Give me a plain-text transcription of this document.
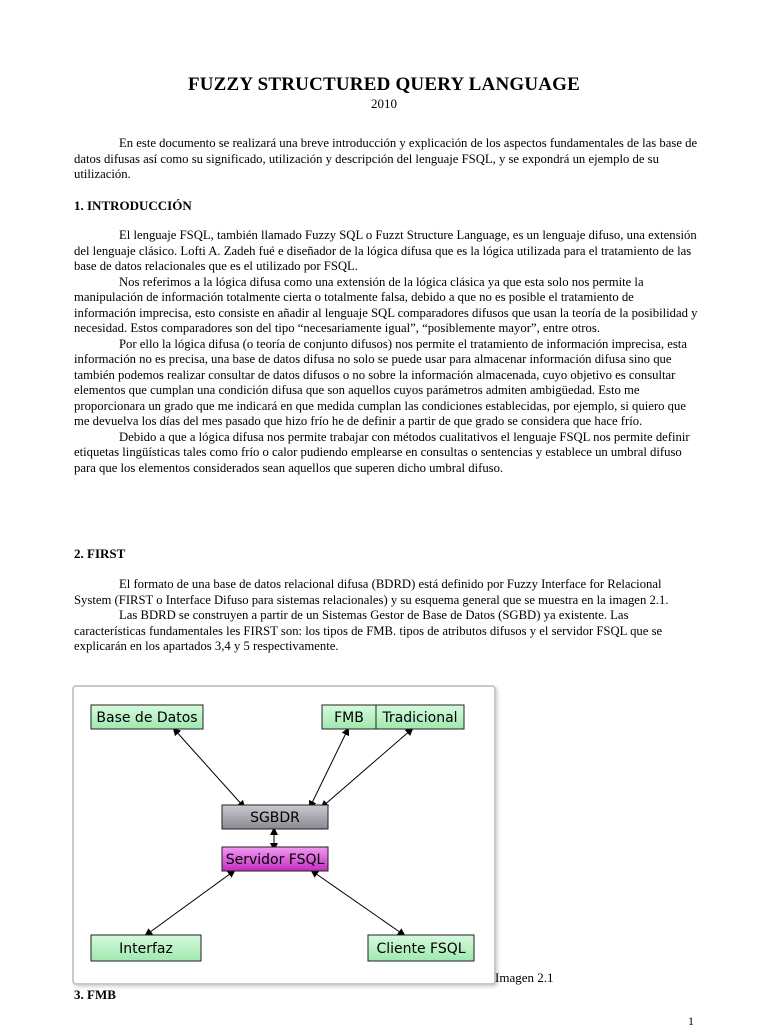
FUZZY STRUCTURED QUERY LANGUAGE
2010

En este documento se realizará una breve introducción y explicación de los aspectos fundamentales de las base de datos difusas así como su significado, utilización y descripción del lenguaje FSQL, y se expondrá un ejemplo de su utilización.

1. INTRODUCCIÓN

El lenguaje FSQL, también llamado Fuzzy SQL o Fuzzt Structure Language, es un lenguaje difuso, una extensión del lenguaje clásico. Lofti A. Zadeh fué e diseñador de la lógica difusa que es la lógica utilizada para el tratamiento de las base de datos relacionales que es el utilizado por FSQL.

Nos referimos a la lógica difusa como una extensión de la lógica clásica ya que esta solo nos permite la manipulación de información totalmente cierta o totalmente falsa, debido a que no es posible el tratamiento de información imprecisa, esto consiste en añadir al lenguaje SQL comparadores difusos que usan la teoría de la posibilidad y necesidad. Estos comparadores son del tipo “necesariamente igual”, “posiblemente mayor”, entre otros.

Por ello la lógica difusa (o teoría de conjunto difusos) nos permite el tratamiento de información imprecisa, esta información no es precisa, una base de datos difusa no solo se puede usar para almacenar información difusa sino que también podemos realizar consultar de datos difusos o no sobre la información almacenada, cuyo objetivo es consultar elementos que cumplan una condición difusa que son aquellos cuyos parámetros admiten ambigüedad. Esto me proporcionara un grado que me indicará en que medida cumplan las condiciones establecidas, por ejemplo, si quiero que me devuelva los días del mes pasado que hizo frío he de definir a partir de que grado se considera que hace frío.

Debido a que a lógica difusa nos permite trabajar con métodos cualitativos el lenguaje FSQL nos permite definir etiquetas lingüísticas tales como frío o calor pudiendo emplearse en consultas o sentencias y establece un umbral difuso para que los elementos considerados sean aquellos que superen dicho umbral difuso.

2. FIRST

El formato de una base de datos relacional difusa (BDRD) está definido por Fuzzy Interface for Relacional System (FIRST o Interface Difuso para sistemas relacionales) y su esquema general que se muestra en la imagen 2.1.

Las BDRD se construyen a partir de un Sistemas Gestor de Base de Datos (SGBD) ya existente. Las características fundamentales les FIRST son: los tipos de FMB. tipos de atributos difusos y el servidor FSQL que se explicarán en los apartados 3,4 y 5 respectivamente.

Base de Datos	FMB Tradicional
SGBDR
Servidor FSQL
Interfaz	Cliente FSQL
Imagen 2.1
3. FMB
1
